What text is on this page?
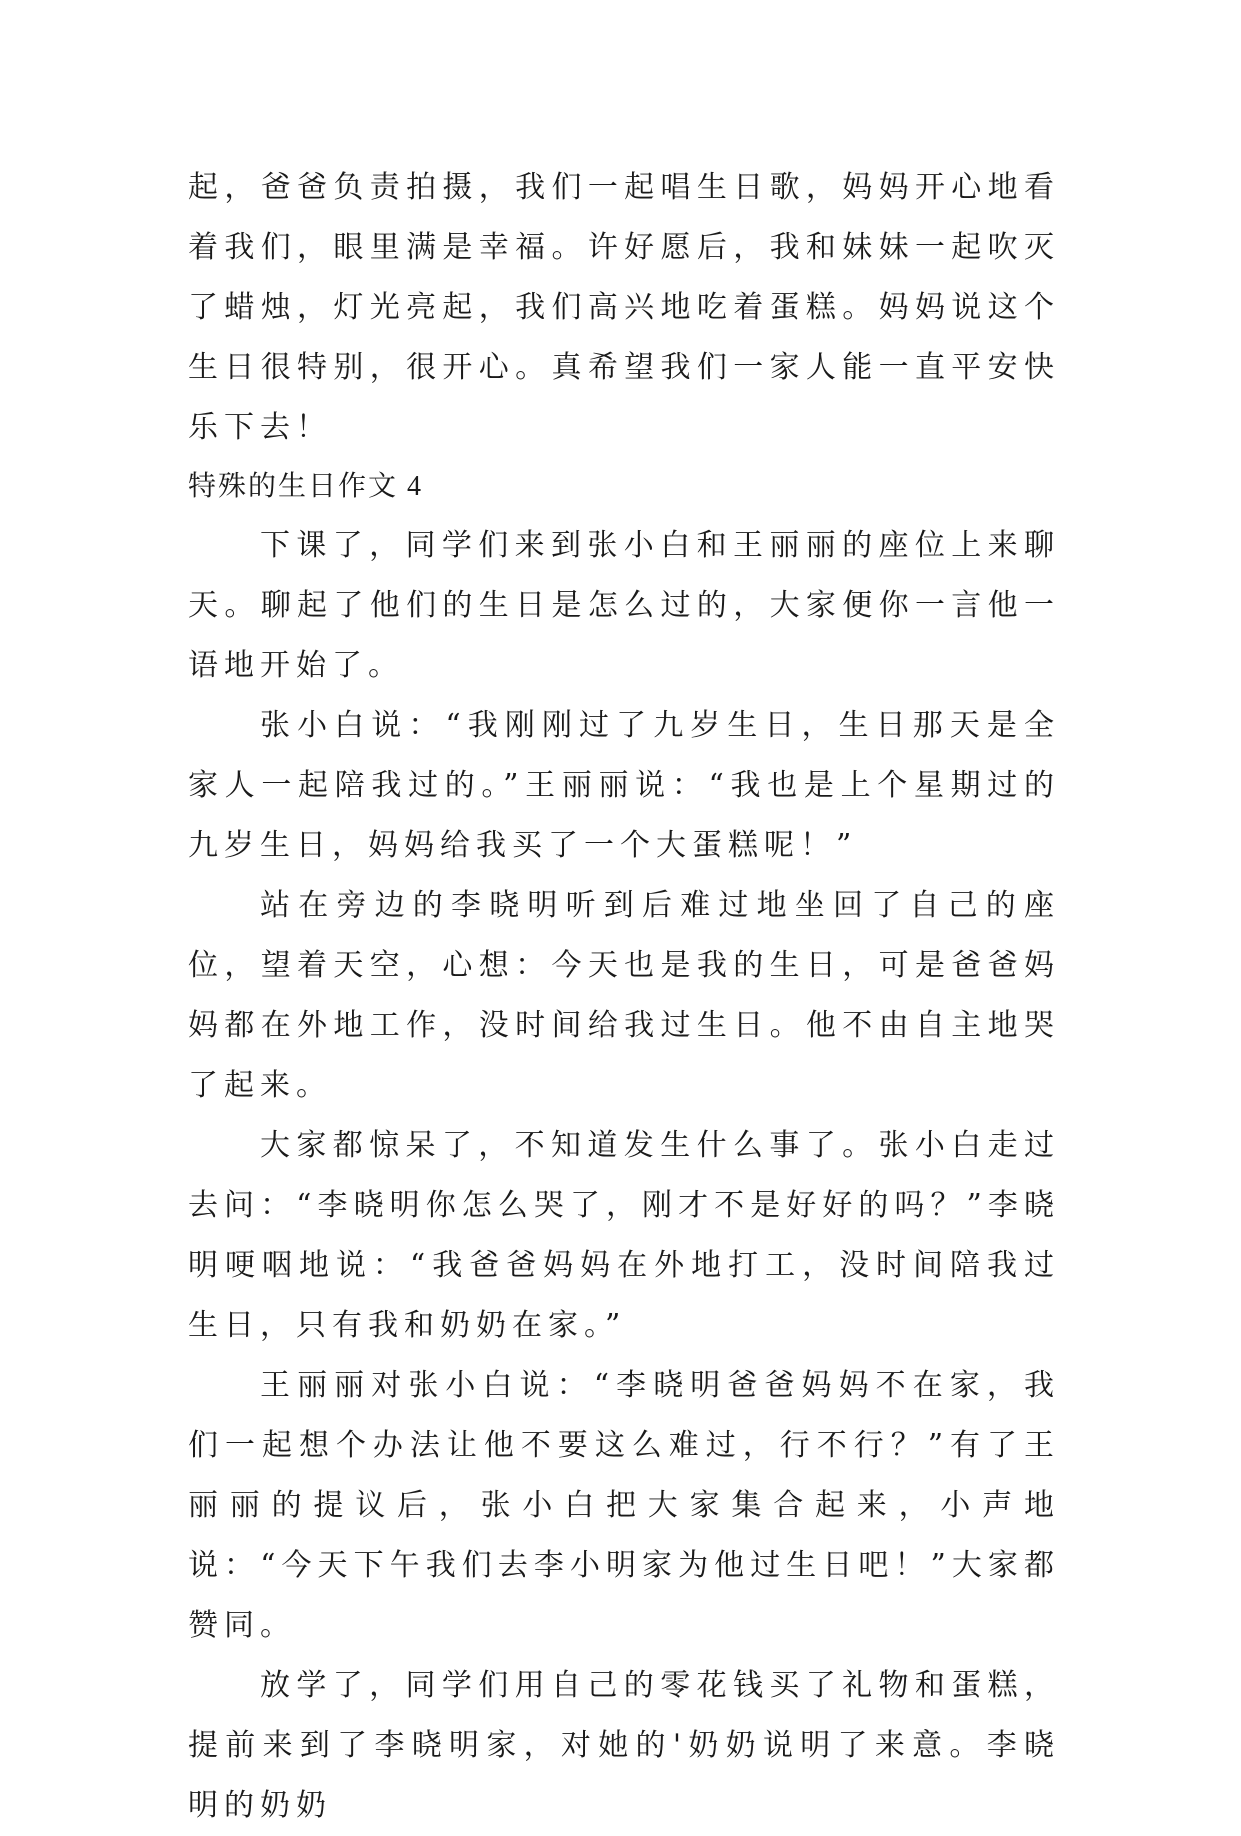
起，爸爸负责拍摄，我们一起唱生日歌，妈妈开心地看着我们，眼里满是幸福。许好愿后，我和妹妹一起吹灭了蜡烛，灯光亮起，我们高兴地吃着蛋糕。妈妈说这个生日很特别，很开心。真希望我们一家人能一直平安快乐下去！

特殊的生日作文 4

下课了，同学们来到张小白和王丽丽的座位上来聊天。聊起了他们的生日是怎么过的，大家便你一言他一语地开始了。

张小白说：“我刚刚过了九岁生日，生日那天是全家人一起陪我过的。”王丽丽说：“我也是上个星期过的九岁生日，妈妈给我买了一个大蛋糕呢！”

站在旁边的李晓明听到后难过地坐回了自己的座位，望着天空，心想：今天也是我的生日，可是爸爸妈妈都在外地工作，没时间给我过生日。他不由自主地哭了起来。

大家都惊呆了，不知道发生什么事了。张小白走过去问：“李晓明你怎么哭了，刚才不是好好的吗？”李晓明哽咽地说：“我爸爸妈妈在外地打工，没时间陪我过生日，只有我和奶奶在家。”

王丽丽对张小白说：“李晓明爸爸妈妈不在家，我们一起想个办法让他不要这么难过，行不行？”有了王丽丽的提议后，张小白把大家集合起来，小声地说：“今天下午我们去李小明家为他过生日吧！”大家都赞同。

放学了，同学们用自己的零花钱买了礼物和蛋糕，提前来到了李晓明家，对她的'奶奶说明了来意。李晓明的奶奶
